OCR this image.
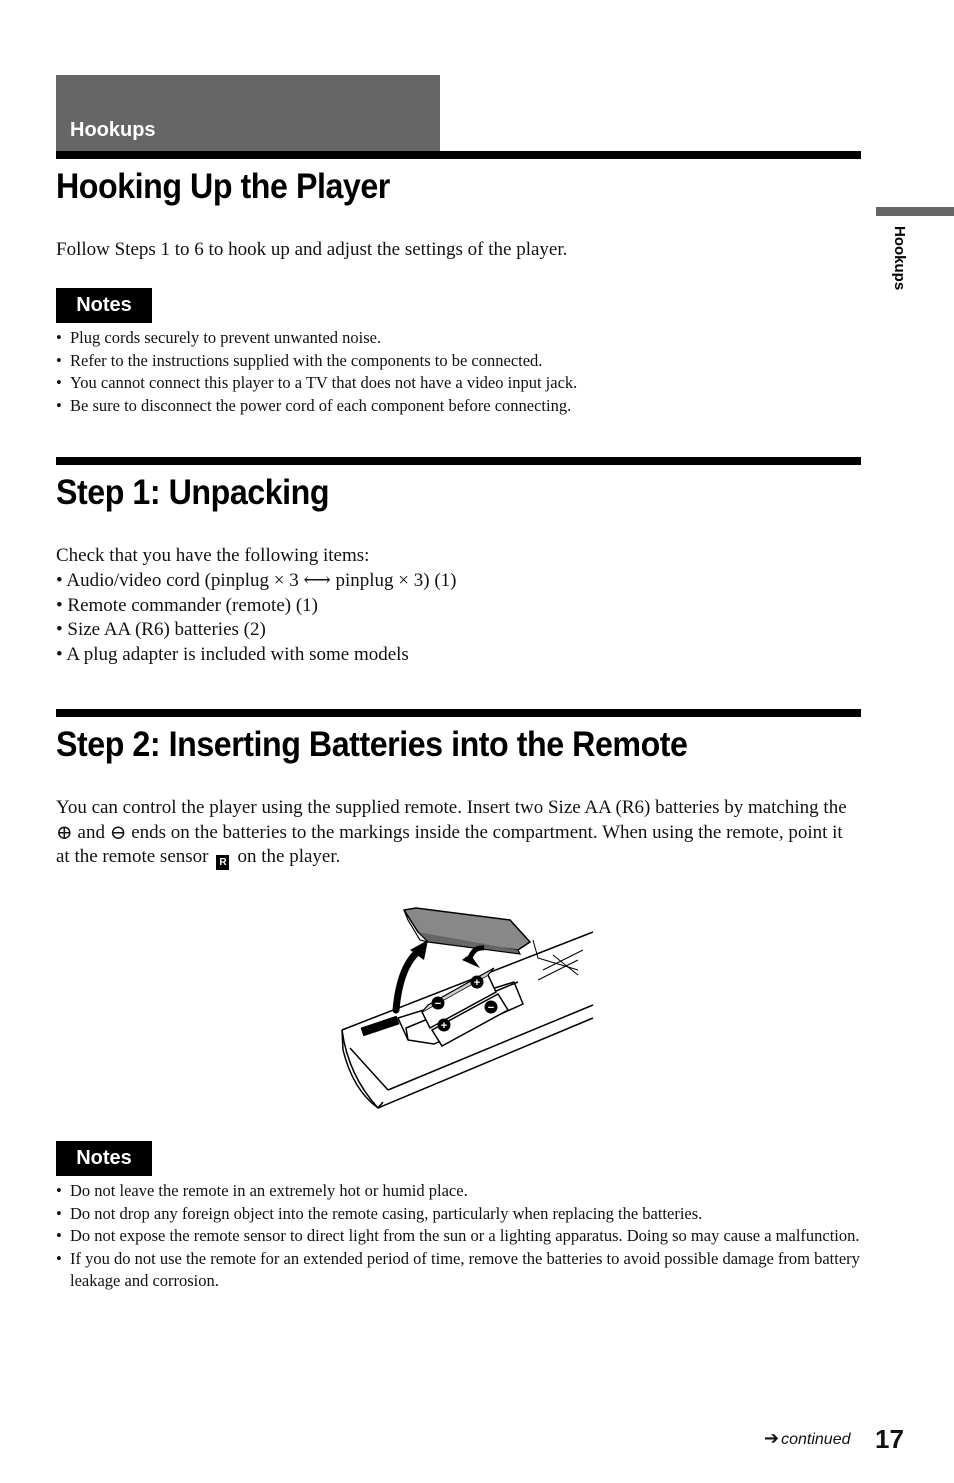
Hookups
Hookups
Hooking Up the Player

Follow Steps 1 to 6 to hook up and adjust the settings of the player.

Notes
• Plug cords securely to prevent unwanted noise.
• Refer to the instructions supplied with the components to be connected.
• You cannot connect this player to a TV that does not have a video input jack.
• Be sure to disconnect the power cord of each component before connecting.
Step 1: Unpacking

Check that you have the following items:

• Audio/video cord (pinplug × 3 ⟷ pinplug × 3) (1)
• Remote commander (remote) (1)
• Size AA (R6) batteries (2)
• A plug adapter is included with some models
Step 2: Inserting Batteries into the Remote

You can control the player using the supplied remote. Insert two Size AA (R6) batteries by matching the ⊕ and ⊖ ends on the batteries to the markings inside the compartment. When using the remote, point it at the remote sensor R on the player.

−
+
+
−
Notes
• Do not leave the remote in an extremely hot or humid place.
• Do not drop any foreign object into the remote casing, particularly when replacing the batteries.
• Do not expose the remote sensor to direct light from the sun or a lighting apparatus. Doing so may cause a malfunction.
• If you do not use the remote for an extended period of time, remove the batteries to avoid possible damage from battery leakage and corrosion.
➔ continued 17
